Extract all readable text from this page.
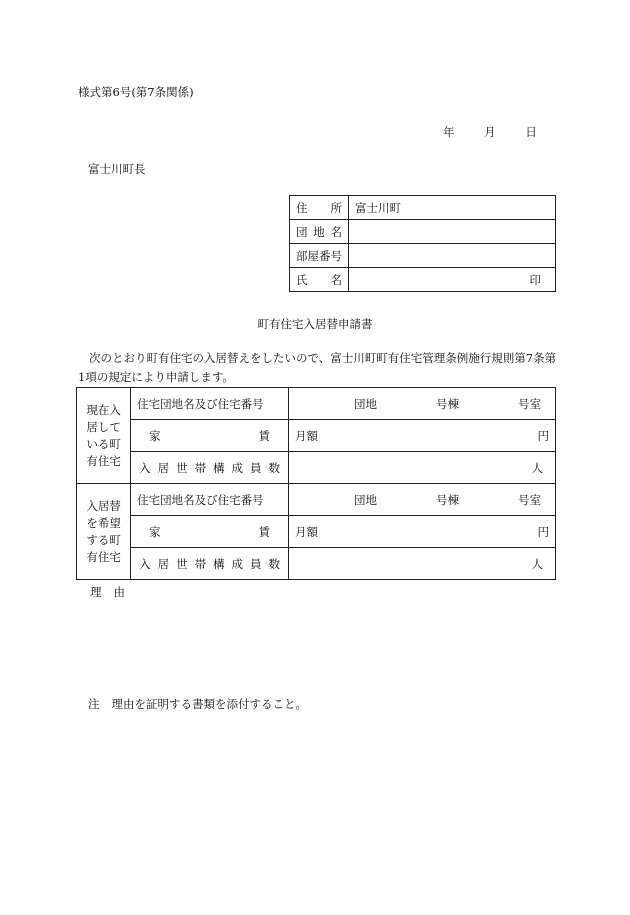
様式第6号(第7条関係)
年	月	日
富士川町長
住　所	富士川町
団地名	
部屋番号	
氏　名	印
町有住宅入居替申請書
次のとおり町有住宅の入居替えをしたいので、富士川町町有住宅管理条例施行規則第7条第1項の規定により申請します。
現在入居している町有住宅	住宅団地名及び住宅番号	団地 号棟 号室

	家賃	月額 円

	入居世帯構成員数	人

入居替を希望する町有住宅	住宅団地名及び住宅番号	団地 号棟 号室

	家賃	月額 円

	入居世帯構成員数	人
理 由
注 理由を証明する書類を添付すること。
